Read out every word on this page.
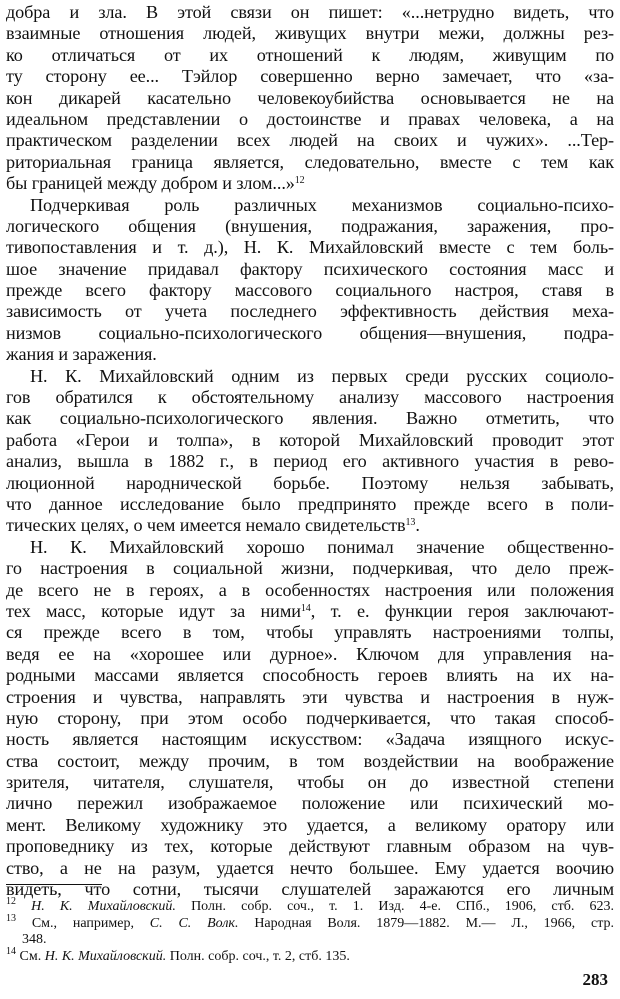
добра и зла. В этой связи он пишет: «...нетрудно видеть, что
взаимные отношения людей, живущих внутри межи, должны рез-
ко отличаться от их отношений к людям, живущим по
ту сторону ее... Тэйлор совершенно верно замечает, что «за-
кон дикарей касательно человекоубийства основывается не на
идеальном представлении о достоинстве и правах человека, а на
практическом разделении всех людей на своих и чужих». ...Тер-
риториальная граница является, следовательно, вместе с тем как
бы границей между добром и злом...»$^{12}$
Подчеркивая роль различных механизмов социально-психо-
логического общения (внушения, подражания, заражения, про-
тивопоставления и т. д.), Н. К. Михайловский вместе с тем боль-
шое значение придавал фактору психического состояния масс и
прежде всего фактору массового социального настроя, ставя в
зависимость от учета последнего эффективность действия меха-
низмов социально-психологического общения—внушения, подра-
жания и заражения.
Н. К. Михайловский одним из первых среди русских социоло-
гов обратился к обстоятельному анализу массового настроения
как социально-психологического явления. Важно отметить, что
работа «Герои и толпа», в которой Михайловский проводит этот
анализ, вышла в 1882 г., в период его активного участия в рево-
люционной народнической борьбе. Поэтому нельзя забывать,
что данное исследование было предпринято прежде всего в поли-
тических целях, о чем имеется немало свидетельств$^{13}$.
Н. К. Михайловский хорошо понимал значение общественно-
го настроения в социальной жизни, подчеркивая, что дело преж-
де всего не в героях, а в особенностях настроения или положения
тех масс, которые идут за ними$^{14}$, т. е. функции героя заключают-
ся прежде всего в том, чтобы управлять настроениями толпы,
ведя ее на «хорошее или дурное». Ключом для управления на-
родными массами является способность героев влиять на их на-
строения и чувства, направлять эти чувства и настроения в нуж-
ную сторону, при этом особо подчеркивается, что такая способ-
ность является настоящим искусством: «Задача изящного искус-
ства состоит, между прочим, в том воздействии на воображение
зрителя, читателя, слушателя, чтобы он до известной степени
лично пережил изображаемое положение или психический мо-
мент. Великому художнику это удается, а великому оратору или
проповеднику из тех, которые действуют главным образом на чув-
ство, а не на разум, удается нечто большее. Ему удается воочию
видеть, что сотни, тысячи слушателей заражаются его личным
$^{12}$ Н. К. Михайловский. Полн. собр. соч., т. 1. Изд. 4-е. СПб., 1906, стб. 623.
$^{13}$ См., например, С. С. Волк. Народная Воля. 1879—1882. М.— Л., 1966, стр.
348.
$^{14}$ См. Н. К. Михайловский. Полн. собр. соч., т. 2, стб. 135.
283
